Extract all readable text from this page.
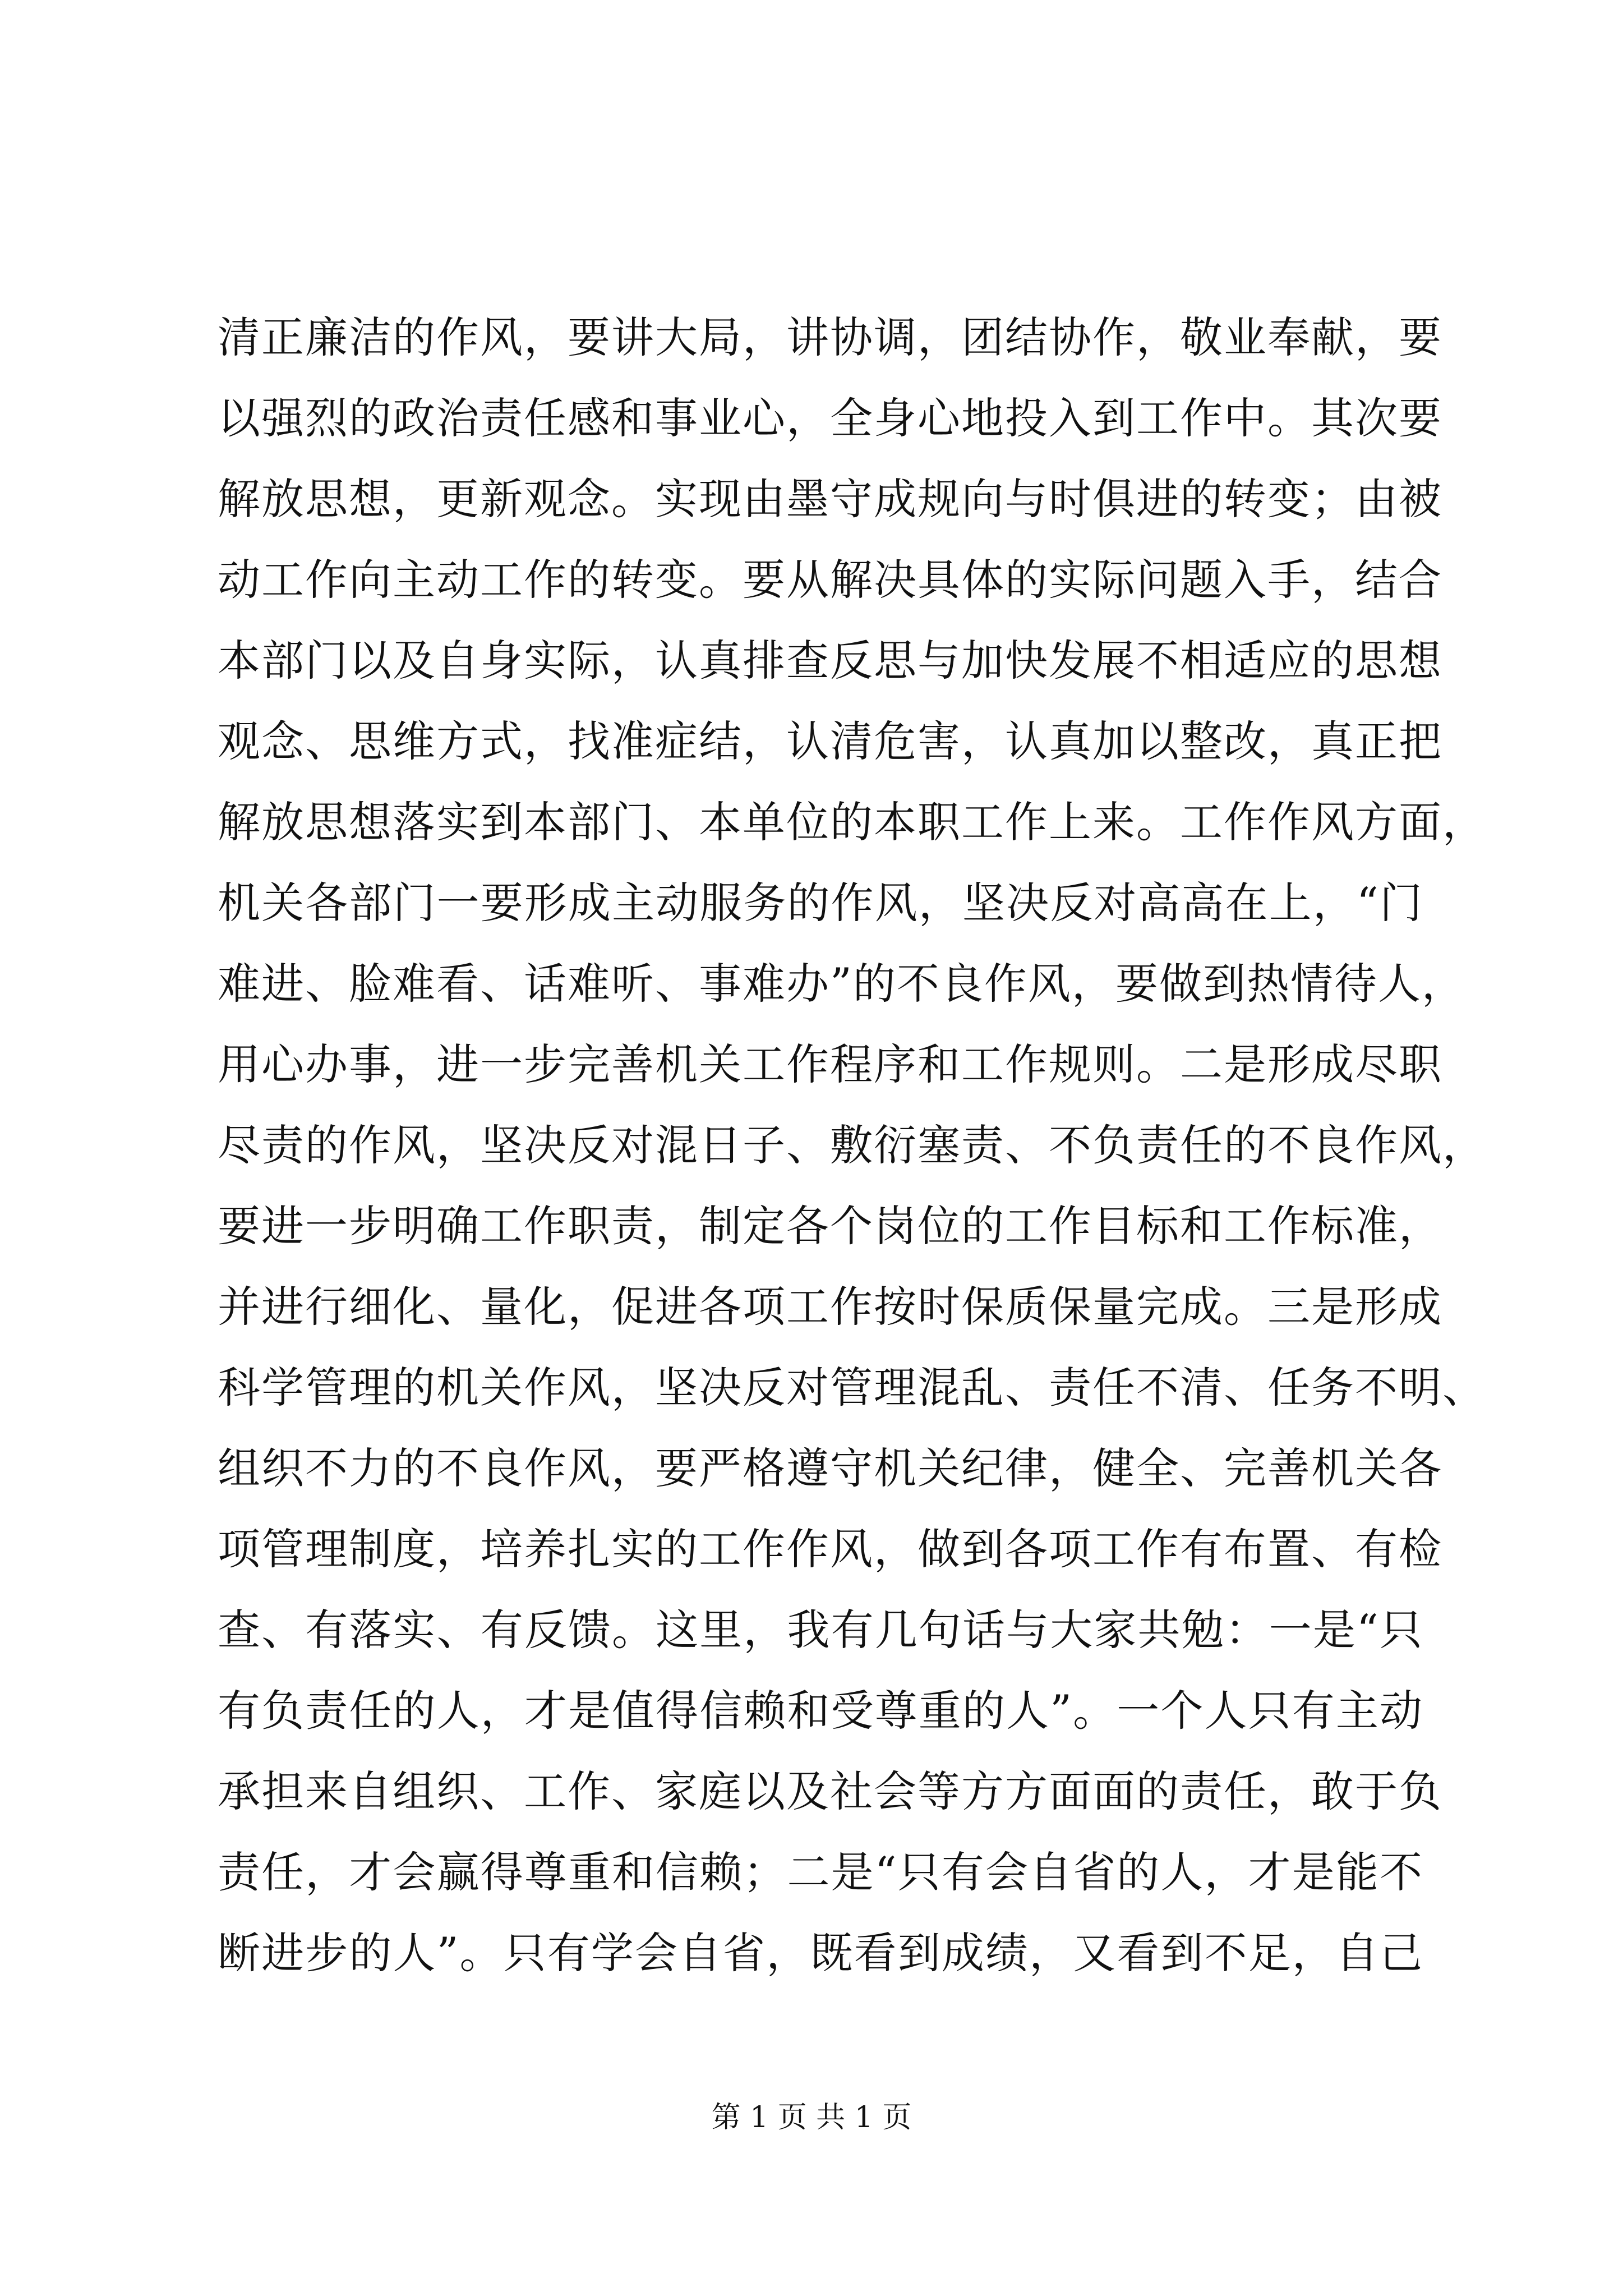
清正廉洁的作风，要讲大局，讲协调，团结协作，敬业奉献，要
以强烈的政治责任感和事业心，全身心地投入到工作中。其次要
解放思想，更新观念。实现由墨守成规向与时俱进的转变；由被
动工作向主动工作的转变。要从解决具体的实际问题入手，结合
本部门以及自身实际，认真排查反思与加快发展不相适应的思想
观念、思维方式，找准症结，认清危害，认真加以整改，真正把
解放思想落实到本部门、本单位的本职工作上来。工作作风方面，
机关各部门一要形成主动服务的作风，坚决反对高高在上，“门
难进、脸难看、话难听、事难办”的不良作风，要做到热情待人，
用心办事，进一步完善机关工作程序和工作规则。二是形成尽职
尽责的作风，坚决反对混日子、敷衍塞责、不负责任的不良作风，
要进一步明确工作职责，制定各个岗位的工作目标和工作标准，
并进行细化、量化，促进各项工作按时保质保量完成。三是形成
科学管理的机关作风，坚决反对管理混乱、责任不清、任务不明、
组织不力的不良作风，要严格遵守机关纪律，健全、完善机关各
项管理制度，培养扎实的工作作风，做到各项工作有布置、有检
查、有落实、有反馈。这里，我有几句话与大家共勉：一是“只
有负责任的人，才是值得信赖和受尊重的人”。一个人只有主动
承担来自组织、工作、家庭以及社会等方方面面的责任，敢于负
责任，才会赢得尊重和信赖；二是“只有会自省的人，才是能不
断进步的人”。只有学会自省，既看到成绩，又看到不足，自己
第 1 页 共 1 页
